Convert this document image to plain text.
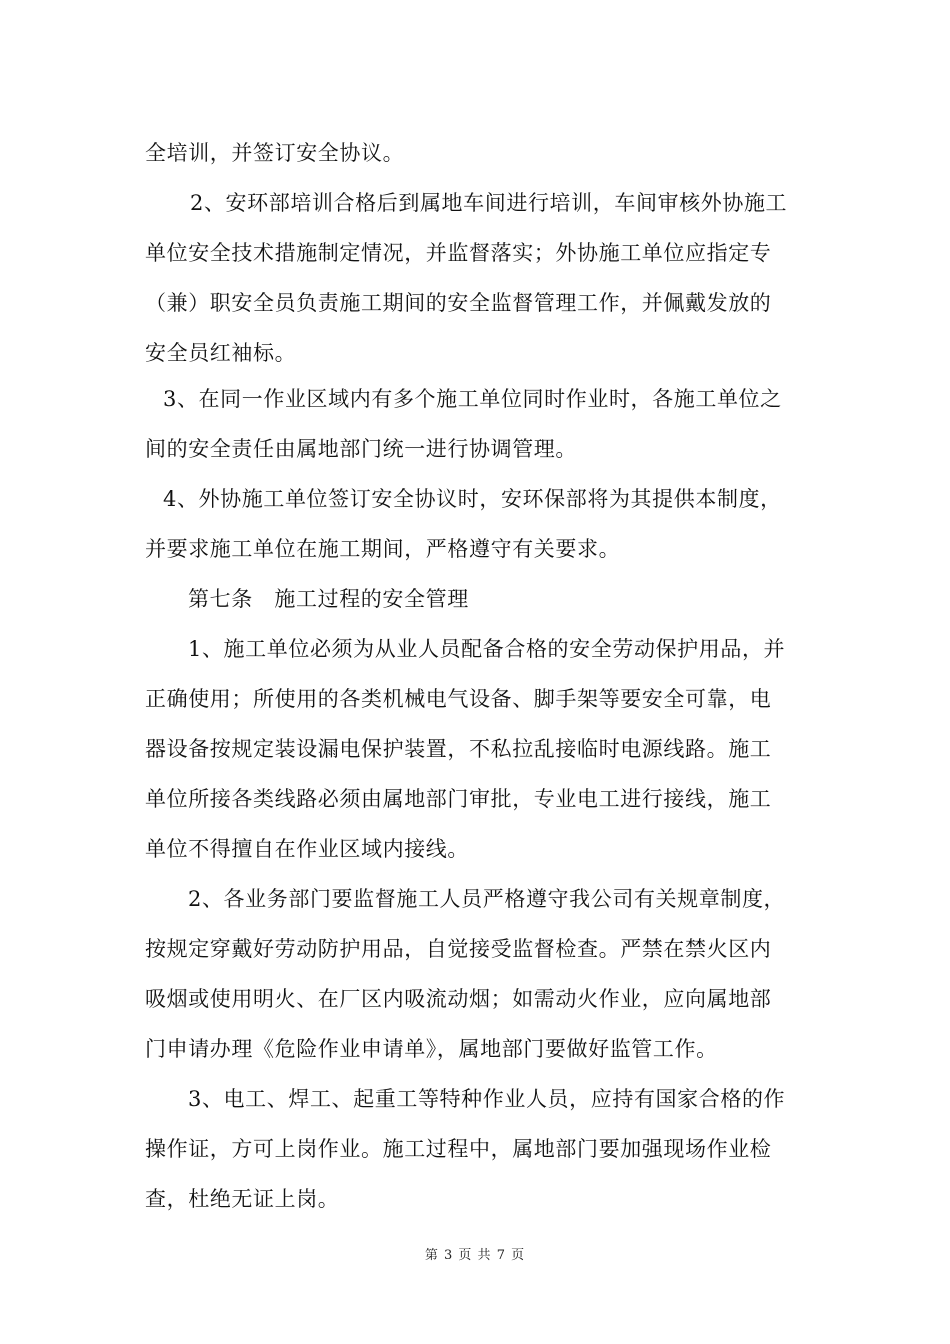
全培训，并签订安全协议。
2、安环部培训合格后到属地车间进行培训，车间审核外协施工
单位安全技术措施制定情况，并监督落实；外协施工单位应指定专
（兼）职安全员负责施工期间的安全监督管理工作，并佩戴发放的
安全员红袖标。
3、在同一作业区域内有多个施工单位同时作业时，各施工单位之
间的安全责任由属地部门统一进行协调管理。
4、外协施工单位签订安全协议时，安环保部将为其提供本制度，
并要求施工单位在施工期间，严格遵守有关要求。
第七条　施工过程的安全管理
1、施工单位必须为从业人员配备合格的安全劳动保护用品，并
正确使用；所使用的各类机械电气设备、脚手架等要安全可靠，电
器设备按规定装设漏电保护装置，不私拉乱接临时电源线路。施工
单位所接各类线路必须由属地部门审批，专业电工进行接线，施工
单位不得擅自在作业区域内接线。
2、各业务部门要监督施工人员严格遵守我公司有关规章制度，
按规定穿戴好劳动防护用品，自觉接受监督检查。严禁在禁火区内
吸烟或使用明火、在厂区内吸流动烟；如需动火作业，应向属地部
门申请办理《危险作业申请单》，属地部门要做好监管工作。
3、电工、焊工、起重工等特种作业人员，应持有国家合格的作
操作证，方可上岗作业。施工过程中，属地部门要加强现场作业检
查，杜绝无证上岗。
第 3 页 共 7 页
